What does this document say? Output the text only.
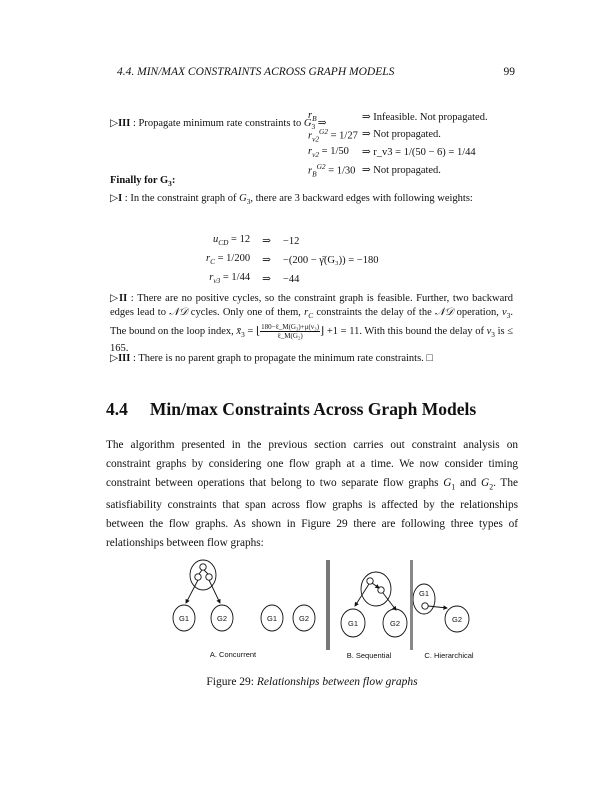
4.4. MIN/MAX CONSTRAINTS ACROSS GRAPH MODELS	99
▷III : Propagate minimum rate constraints to $G_3$ ⇒
$r_B$	⇒ Infeasible. Not propagated.
$r_{v2}^{G2} = 1/27$	⇒ Not propagated.
$r_{v2} = 1/50$	⇒ r_v3 = 1/(50 − 6) = 1/44
$r_B^{G2} = 1/30$	⇒ Not propagated.
Finally for $G_3$:
▷I : In the constraint graph of $G_3$, there are 3 backward edges with following weights:
$u_{CD} = 12$	⇒	−12
$r_C = 1/200$	⇒	−(200 − γ̄(G₃)) = −180
$r_{v3} = 1/44$	⇒	−44
▷II : There are no positive cycles, so the constraint graph is feasible. Further, two backward edges lead to 𝒩𝒟 cycles. Only one of them, $r_C$ constraints the delay of the 𝒩𝒟 operation, $v_3$. The bound on the loop index, $x̄_3$ = ⌊ $\frac{\text{180−ℓ\_M(G₃)+μ(v₃)}}{\text{ℓ\_M(G₂)}}$ ⌋ +1 = 11. With this bound the delay of $v_3$ is ≤ 165.
▷III : There is no parent graph to propagate the minimum rate constraints. □
4.4 Min/max Constraints Across Graph Models
The algorithm presented in the previous section carries out constraint analysis on constraint graphs by considering one flow graph at a time. We now consider timing constraint between operations that belong to two separate flow graphs $G_1$ and $G_2$. The satisfiability constraints that span across flow graphs is affected by the relationships between the flow graphs. As shown in Figure 29 there are following three types of relationships between flow graphs:
G1	G2	G1	G2
G1	G2
G1
G2
A. Concurrent	B. Sequential	C. Hierarchical
Figure 29: Relationships between flow graphs
